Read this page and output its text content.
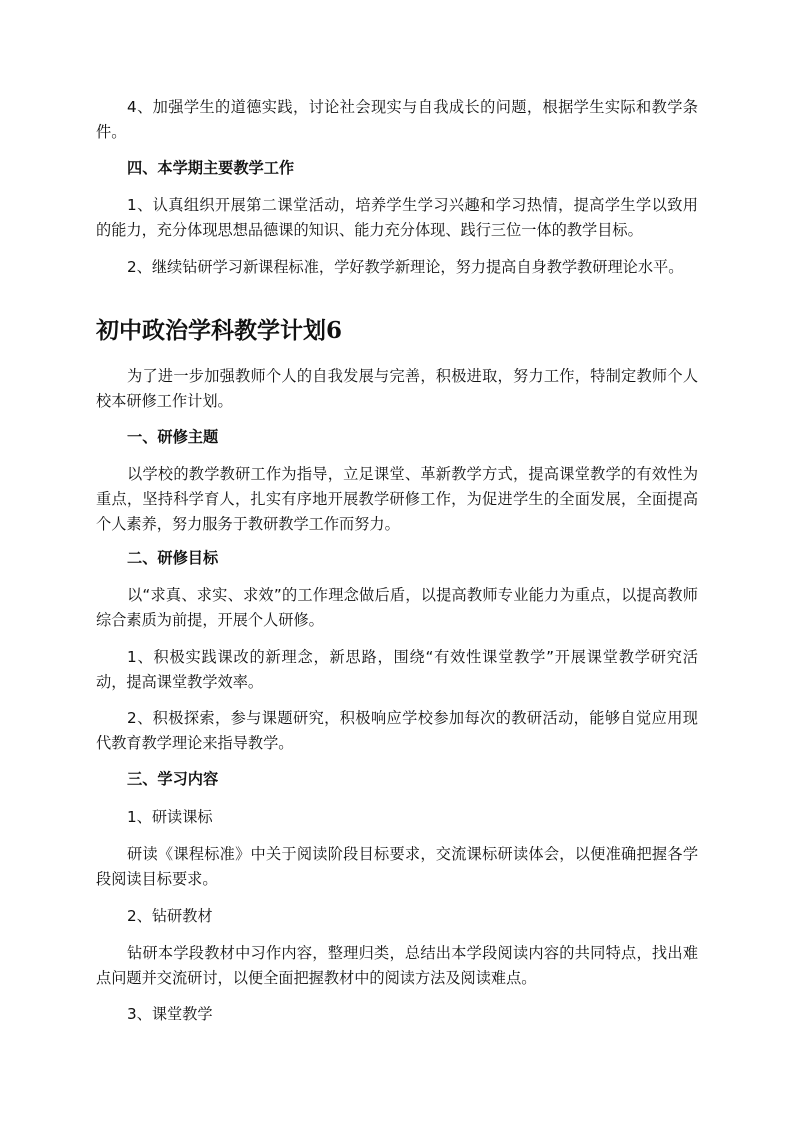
4、加强学生的道德实践，讨论社会现实与自我成长的问题，根据学生实际和教学条件。

四、本学期主要教学工作

1、认真组织开展第二课堂活动，培养学生学习兴趣和学习热情，提高学生学以致用的能力，充分体现思想品德课的知识、能力充分体现、践行三位一体的教学目标。

2、继续钻研学习新课程标准，学好教学新理论，努力提高自身教学教研理论水平。

初中政治学科教学计划6

为了进一步加强教师个人的自我发展与完善，积极进取，努力工作，特制定教师个人校本研修工作计划。

一、研修主题

以学校的教学教研工作为指导，立足课堂、革新教学方式，提高课堂教学的有效性为重点，坚持科学育人，扎实有序地开展教学研修工作，为促进学生的全面发展，全面提高个人素养，努力服务于教研教学工作而努力。

二、研修目标

以“求真、求实、求效”的工作理念做后盾，以提高教师专业能力为重点，以提高教师综合素质为前提，开展个人研修。

1、积极实践课改的新理念，新思路，围绕“有效性课堂教学”开展课堂教学研究活动，提高课堂教学效率。

2、积极探索，参与课题研究，积极响应学校参加每次的教研活动，能够自觉应用现代教育教学理论来指导教学。

三、学习内容

1、研读课标

研读《课程标准》中关于阅读阶段目标要求，交流课标研读体会，以便准确把握各学段阅读目标要求。

2、钻研教材

钻研本学段教材中习作内容，整理归类，总结出本学段阅读内容的共同特点，找出难点问题并交流研讨，以便全面把握教材中的阅读方法及阅读难点。

3、课堂教学
